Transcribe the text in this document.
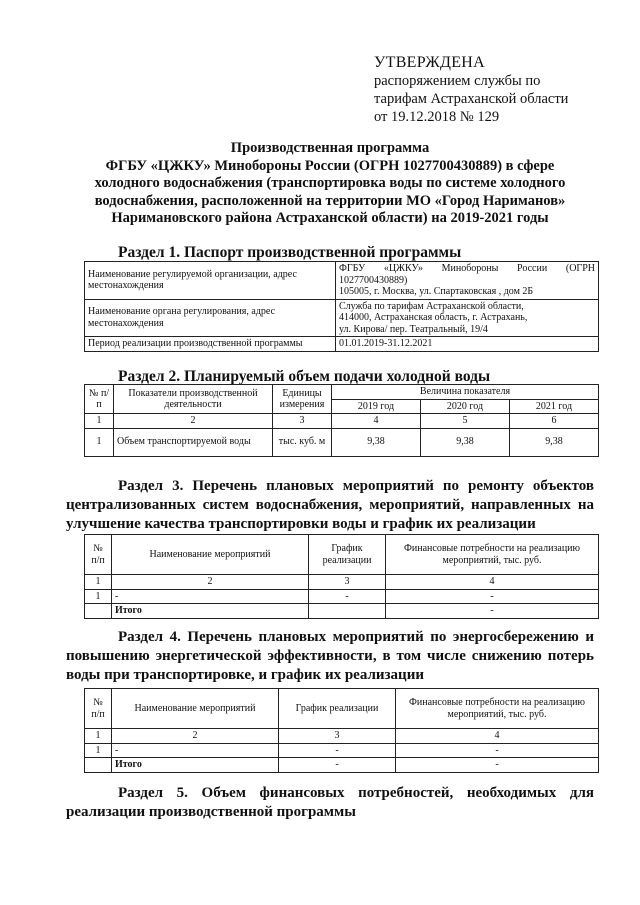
УТВЕРЖДЕНА
распоряжением службы по
тарифам Астраханской области
от 19.12.2018 № 129
Производственная программа
ФГБУ «ЦЖКУ» Минобороны России (ОГРН 1027700430889) в сфере
холодного водоснабжения (транспортировка воды по системе холодного
водоснабжения, расположенной на территории МО «Город Нариманов»
Наримановского района Астраханской области) на 2019-2021 годы
Раздел 1. Паспорт производственной программы
Наименование регулируемой организации, адрес местонахождения	ФГБУ «ЦЖКУ» Минобороны России (ОГРН 1027700430889)
105005, г. Москва, ул. Спартаковская , дом 2Б

Наименование органа регулирования, адрес местонахождения	Служба по тарифам Астраханской области,
414000, Астраханская область, г. Астрахань,
ул. Кирова/ пер. Театральный, 19/4

Период реализации производственной программы	01.01.2019-31.12.2021
Раздел 2. Планируемый объем подачи холодной воды
№ п/п	Показатели производственной деятельности	Единицы измерения	Величина показателя		
			2019 год	2020 год	2021 год
1	2	3	4	5	6
1	Объем транспортируемой воды	тыс. куб. м	9,38	9,38	9,38
Раздел 3. Перечень плановых мероприятий по ремонту объектов централизованных систем водоснабжения, мероприятий, направленных на улучшение качества транспортировки воды и график их реализации
№ п/п	Наименование мероприятий	График реализации	Финансовые потребности на реализацию мероприятий, тыс. руб.
1	2	3	4
1	-	-	-
	Итого		-
Раздел 4. Перечень плановых мероприятий по энергосбережению и повышению энергетической эффективности, в том числе снижению потерь воды при транспортировке, и график их реализации
№ п/п	Наименование мероприятий	График реализации	Финансовые потребности на реализацию мероприятий, тыс. руб.
1	2	3	4
1	-	-	-
	Итого	-	-
Раздел 5. Объем финансовых потребностей, необходимых для реализации производственной программы
